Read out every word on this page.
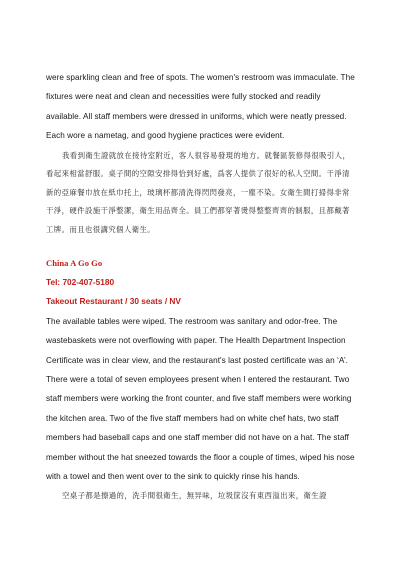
were sparkling clean and free of spots. The women's restroom was immaculate. The fixtures were neat and clean and necessities were fully stocked and readily available. All staff members were dressed in uniforms, which were neatly pressed. Each wore a nametag, and good hygiene practices were evident.

我看到衛生證就放在接待室附近，客人很容易發現的地方。就餐區裝修得很吸引人，看起來相當舒服。桌子間的空隙安排得恰到好處，爲客人提供了很好的私人空間。干淨清新的亞麻餐巾放在紙巾托上，玻璃杯都清洗得閃閃發亮，一塵不染。女衛生間打掃得非常干淨，硬件設施干淨整潔，衛生用品齊全。員工們都穿著燙得整整齊齊的制服，且都戴著工牌。而且也很講究個人衛生。

China A Go Go

Tel: 702-407-5180

Takeout Restaurant / 30 seats / NV

The available tables were wiped. The restroom was sanitary and odor-free. The wastebaskets were not overflowing with paper. The Health Department Inspection Certificate was in clear view, and the restaurant's last posted certificate was an ‘A’. There were a total of seven employees present when I entered the restaurant. Two staff members were working the front counter, and five staff members were working the kitchen area. Two of the five staff members had on white chef hats, two staff members had baseball caps and one staff member did not have on a hat. The staff member without the hat sneezed towards the floor a couple of times, wiped his nose with a towel and then went over to the sink to quickly rinse his hands.

空桌子都是擦過的，洗手間很衛生，無异味，垃圾筐沒有東西溢出來，衛生證
